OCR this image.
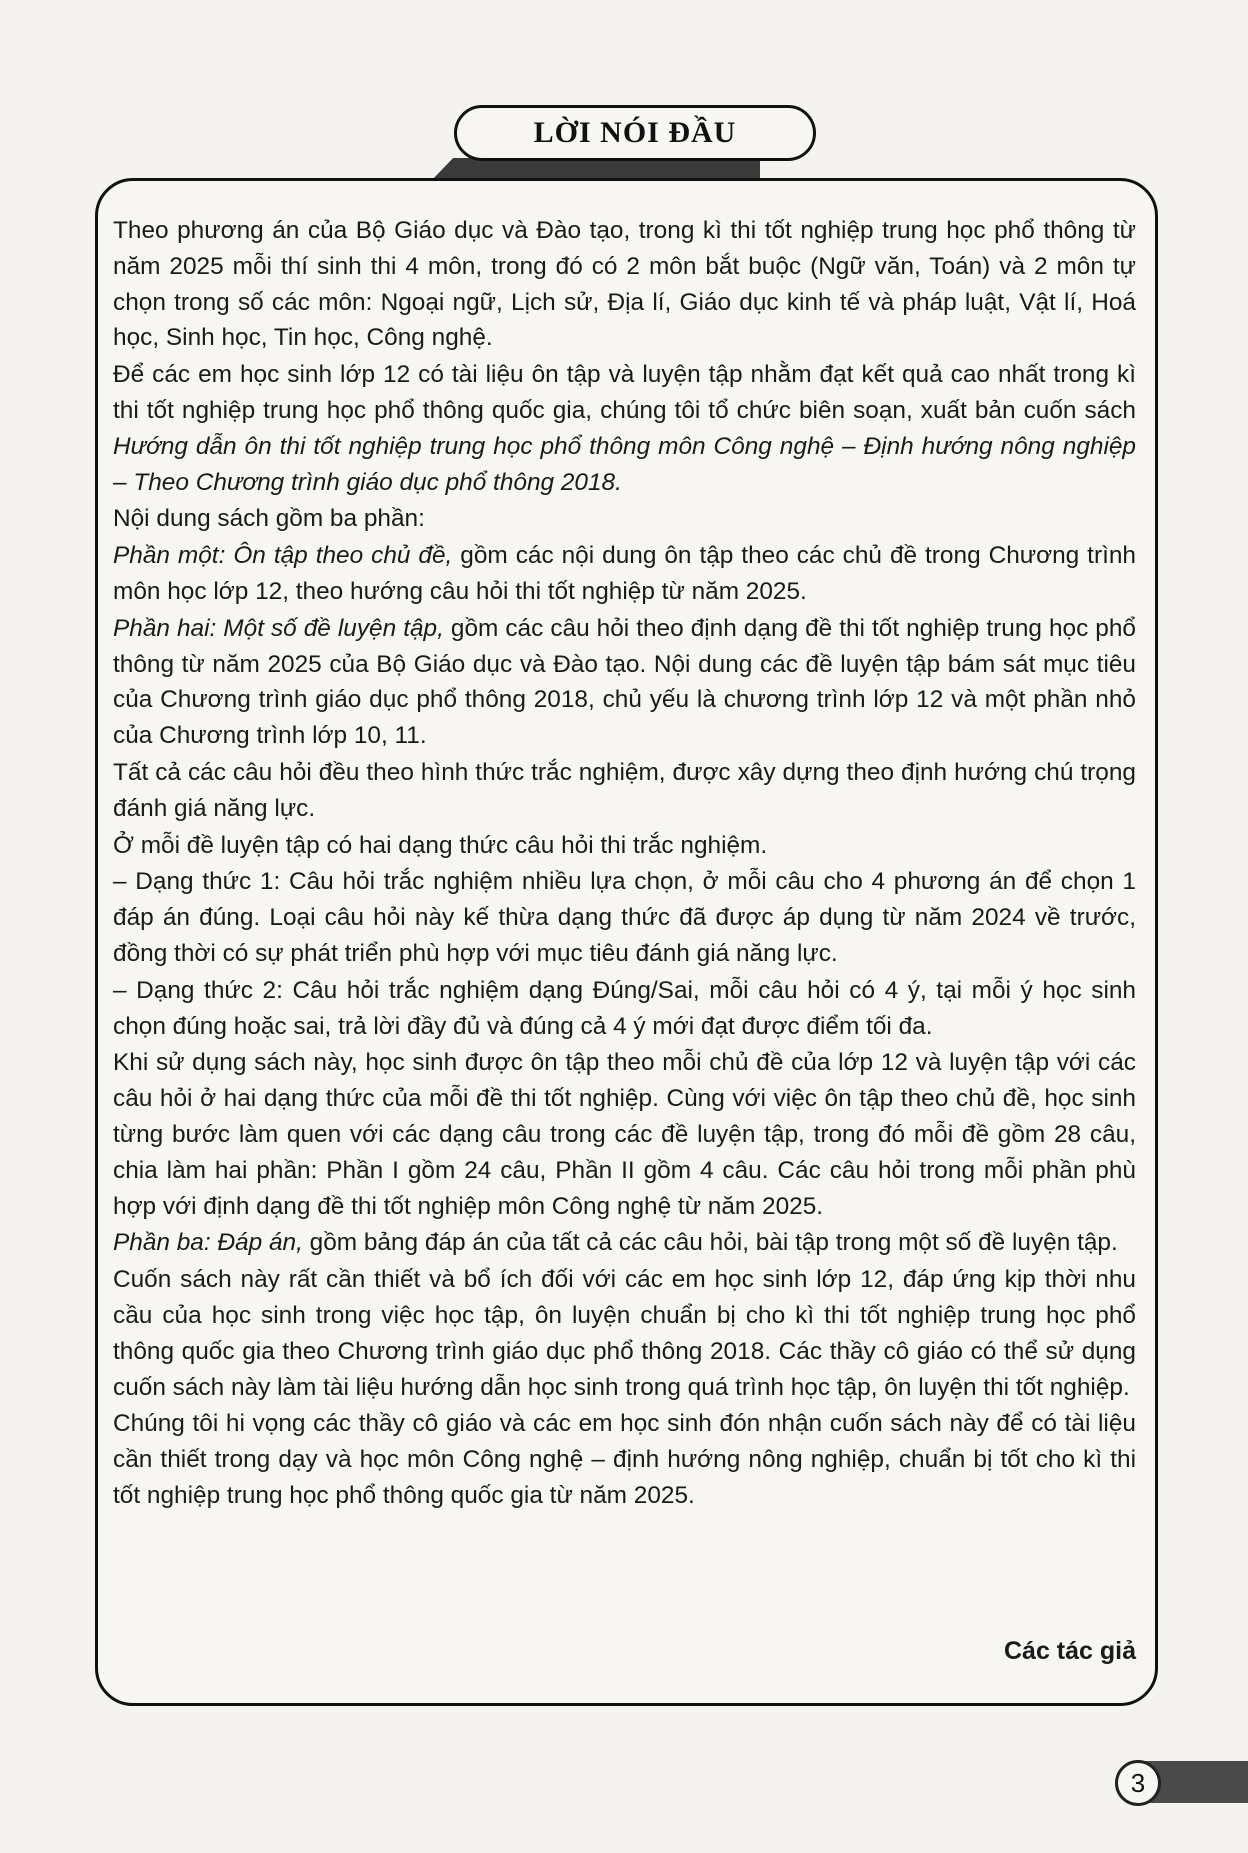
LỜI NÓI ĐẦU

Theo phương án của Bộ Giáo dục và Đào tạo, trong kì thi tốt nghiệp trung học phổ thông từ năm 2025 mỗi thí sinh thi 4 môn, trong đó có 2 môn bắt buộc (Ngữ văn, Toán) và 2 môn tự chọn trong số các môn: Ngoại ngữ, Lịch sử, Địa lí, Giáo dục kinh tế và pháp luật, Vật lí, Hoá học, Sinh học, Tin học, Công nghệ.

Để các em học sinh lớp 12 có tài liệu ôn tập và luyện tập nhằm đạt kết quả cao nhất trong kì thi tốt nghiệp trung học phổ thông quốc gia, chúng tôi tổ chức biên soạn, xuất bản cuốn sách Hướng dẫn ôn thi tốt nghiệp trung học phổ thông môn Công nghệ – Định hướng nông nghiệp – Theo Chương trình giáo dục phổ thông 2018.

Nội dung sách gồm ba phần:

Phần một: Ôn tập theo chủ đề, gồm các nội dung ôn tập theo các chủ đề trong Chương trình môn học lớp 12, theo hướng câu hỏi thi tốt nghiệp từ năm 2025.

Phần hai: Một số đề luyện tập, gồm các câu hỏi theo định dạng đề thi tốt nghiệp trung học phổ thông từ năm 2025 của Bộ Giáo dục và Đào tạo. Nội dung các đề luyện tập bám sát mục tiêu của Chương trình giáo dục phổ thông 2018, chủ yếu là chương trình lớp 12 và một phần nhỏ của Chương trình lớp 10, 11.

Tất cả các câu hỏi đều theo hình thức trắc nghiệm, được xây dựng theo định hướng chú trọng đánh giá năng lực.

Ở mỗi đề luyện tập có hai dạng thức câu hỏi thi trắc nghiệm.

– Dạng thức 1: Câu hỏi trắc nghiệm nhiều lựa chọn, ở mỗi câu cho 4 phương án để chọn 1 đáp án đúng. Loại câu hỏi này kế thừa dạng thức đã được áp dụng từ năm 2024 về trước, đồng thời có sự phát triển phù hợp với mục tiêu đánh giá năng lực.

– Dạng thức 2: Câu hỏi trắc nghiệm dạng Đúng/Sai, mỗi câu hỏi có 4 ý, tại mỗi ý học sinh chọn đúng hoặc sai, trả lời đầy đủ và đúng cả 4 ý mới đạt được điểm tối đa.

Khi sử dụng sách này, học sinh được ôn tập theo mỗi chủ đề của lớp 12 và luyện tập với các câu hỏi ở hai dạng thức của mỗi đề thi tốt nghiệp. Cùng với việc ôn tập theo chủ đề, học sinh từng bước làm quen với các dạng câu trong các đề luyện tập, trong đó mỗi đề gồm 28 câu, chia làm hai phần: Phần I gồm 24 câu, Phần II gồm 4 câu. Các câu hỏi trong mỗi phần phù hợp với định dạng đề thi tốt nghiệp môn Công nghệ từ năm 2025.

Phần ba: Đáp án, gồm bảng đáp án của tất cả các câu hỏi, bài tập trong một số đề luyện tập.

Cuốn sách này rất cần thiết và bổ ích đối với các em học sinh lớp 12, đáp ứng kịp thời nhu cầu của học sinh trong việc học tập, ôn luyện chuẩn bị cho kì thi tốt nghiệp trung học phổ thông quốc gia theo Chương trình giáo dục phổ thông 2018. Các thầy cô giáo có thể sử dụng cuốn sách này làm tài liệu hướng dẫn học sinh trong quá trình học tập, ôn luyện thi tốt nghiệp.

Chúng tôi hi vọng các thầy cô giáo và các em học sinh đón nhận cuốn sách này để có tài liệu cần thiết trong dạy và học môn Công nghệ – định hướng nông nghiệp, chuẩn bị tốt cho kì thi tốt nghiệp trung học phổ thông quốc gia từ năm 2025.

Các tác giả
3
